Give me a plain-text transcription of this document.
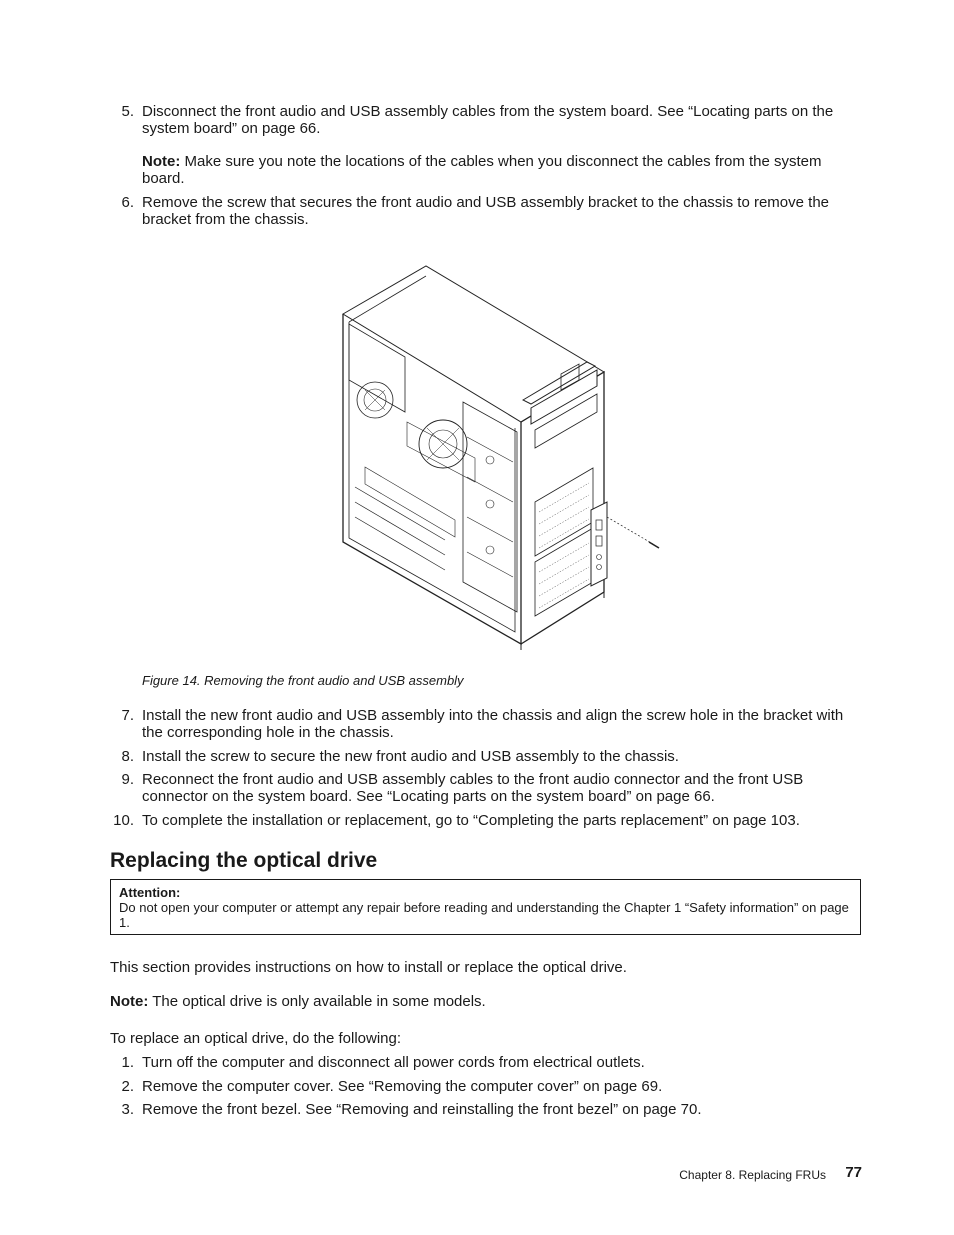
5. Disconnect the front audio and USB assembly cables from the system board. See “Locating parts on the system board” on page 66.
Note: Make sure you note the locations of the cables when you disconnect the cables from the system board.
6. Remove the screw that secures the front audio and USB assembly bracket to the chassis to remove the bracket from the chassis.
Figure 14. Removing the front audio and USB assembly
7. Install the new front audio and USB assembly into the chassis and align the screw hole in the bracket with the corresponding hole in the chassis.
8. Install the screw to secure the new front audio and USB assembly to the chassis.
9. Reconnect the front audio and USB assembly cables to the front audio connector and the front USB connector on the system board. See “Locating parts on the system board” on page 66.
10. To complete the installation or replacement, go to “Completing the parts replacement” on page 103.
Replacing the optical drive
Attention:
Do not open your computer or attempt any repair before reading and understanding the Chapter 1 “Safety information” on page 1.
This section provides instructions on how to install or replace the optical drive.
Note: The optical drive is only available in some models.
To replace an optical drive, do the following:
1. Turn off the computer and disconnect all power cords from electrical outlets.
2. Remove the computer cover. See “Removing the computer cover” on page 69.
3. Remove the front bezel. See “Removing and reinstalling the front bezel” on page 70.
Chapter 8. Replacing FRUs	77
